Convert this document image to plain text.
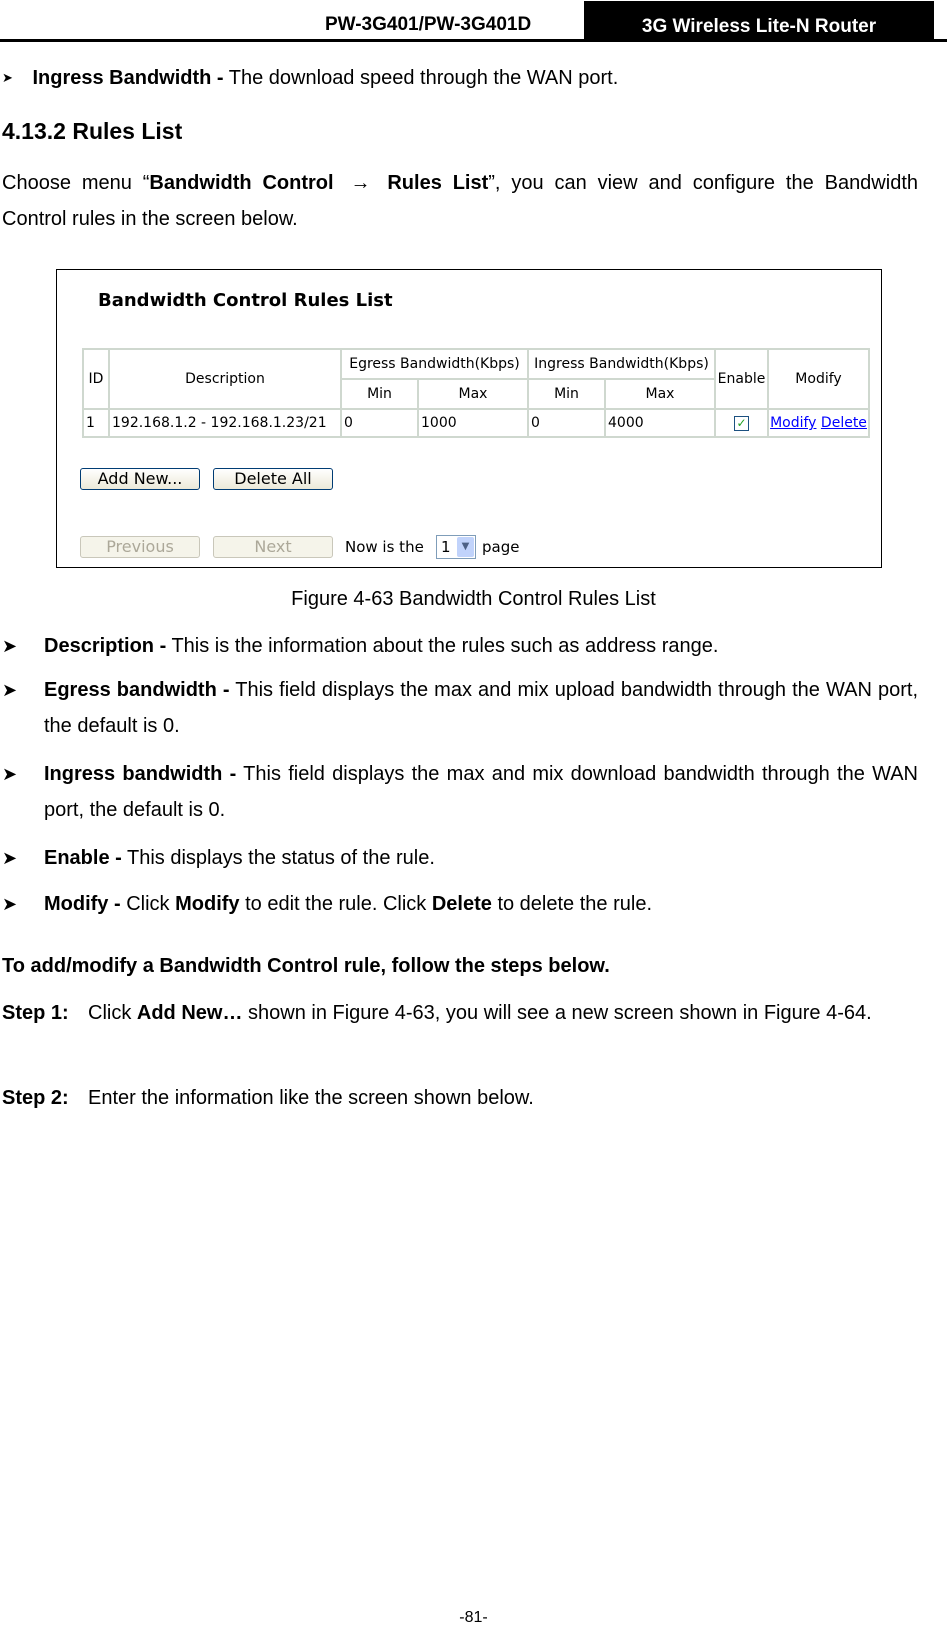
PW-3G401/PW-3G401D	3G Wireless Lite-N Router

➤ Ingress Bandwidth - The download speed through the WAN port.

4.13.2 Rules List

Choose menu “Bandwidth Control → Rules List”, you can view and configure the Bandwidth Control rules in the screen below.

Bandwidth Control Rules List
ID	Description	Egress Bandwidth(Kbps)		Ingress Bandwidth(Kbps)		Enable	Modify
		Min	Max	Min	Max		
1	192.168.1.2 - 192.168.1.23/21	0	1000	0	4000	✓	Modify Delete
Add New...	Delete All
Previous	Next	Now is the 1	▼ page
Figure 4-63 Bandwidth Control Rules List

➤ Description - This is the information about the rules such as address range.

➤ Egress bandwidth - This field displays the max and mix upload bandwidth through the WAN port, the default is 0.

➤ Ingress bandwidth - This field displays the max and mix download bandwidth through the WAN port, the default is 0.

➤ Enable - This displays the status of the rule.

➤ Modify - Click Modify to edit the rule. Click Delete to delete the rule.

To add/modify a Bandwidth Control rule, follow the steps below.

Step 1: Click Add New… shown in Figure 4-63, you will see a new screen shown in Figure 4-64.

Step 2: Enter the information like the screen shown below.

-81-
